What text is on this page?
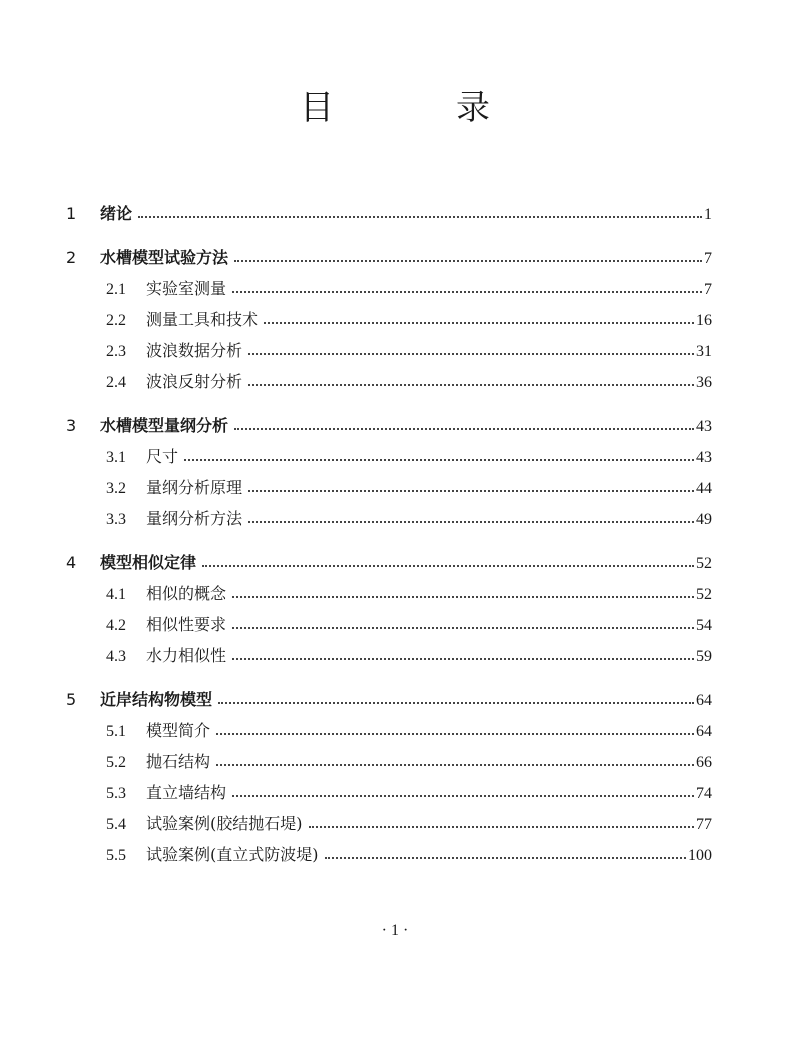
目　录
1	绪论	1
2	水槽模型试验方法	7
2.1	实验室测量	7
2.2	测量工具和技术	16
2.3	波浪数据分析	31
2.4	波浪反射分析	36
3	水槽模型量纲分析	43
3.1	尺寸	43
3.2	量纲分析原理	44
3.3	量纲分析方法	49
4	模型相似定律	52
4.1	相似的概念	52
4.2	相似性要求	54
4.3	水力相似性	59
5	近岸结构物模型	64
5.1	模型简介	64
5.2	抛石结构	66
5.3	直立墙结构	74
5.4	试验案例(胶结抛石堤)	77
5.5	试验案例(直立式防波堤)	100
· 1 ·
